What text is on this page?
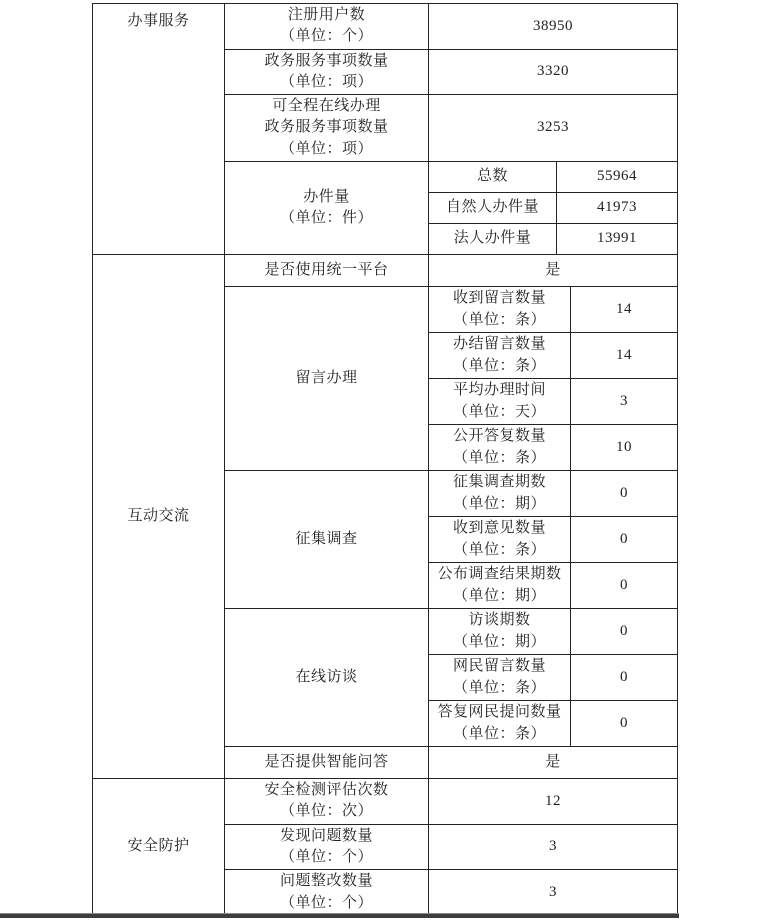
办事服务	注册用户数
（单位：个）	38950		

	政务服务事项数量
（单位：项）	3320		

	可全程在线办理
政务服务事项数量
（单位：项）	3253		

	办件量
（单位：件）	总数	55964	

		自然人办件量	41973	

		法人办件量	13991	
互动交流	是否使用统一平台	是		

	留言办理	收到留言数量
（单位：条）		14

		办结留言数量
（单位：条）		14

		平均办理时间
（单位：天）		3

		公开答复数量
（单位：条）		10

	征集调查	征集调查期数
（单位：期）		0

		收到意见数量
（单位：条）		0

		公布调查结果期数
（单位：期）		0

	在线访谈	访谈期数
（单位：期）		0

		网民留言数量
（单位：条）		0

		答复网民提问数量
（单位：条）		0

	是否提供智能问答	是		
安全防护	安全检测评估次数
（单位：次）	12		

	发现问题数量
（单位：个）	3		

	问题整改数量
（单位：个）	3		
